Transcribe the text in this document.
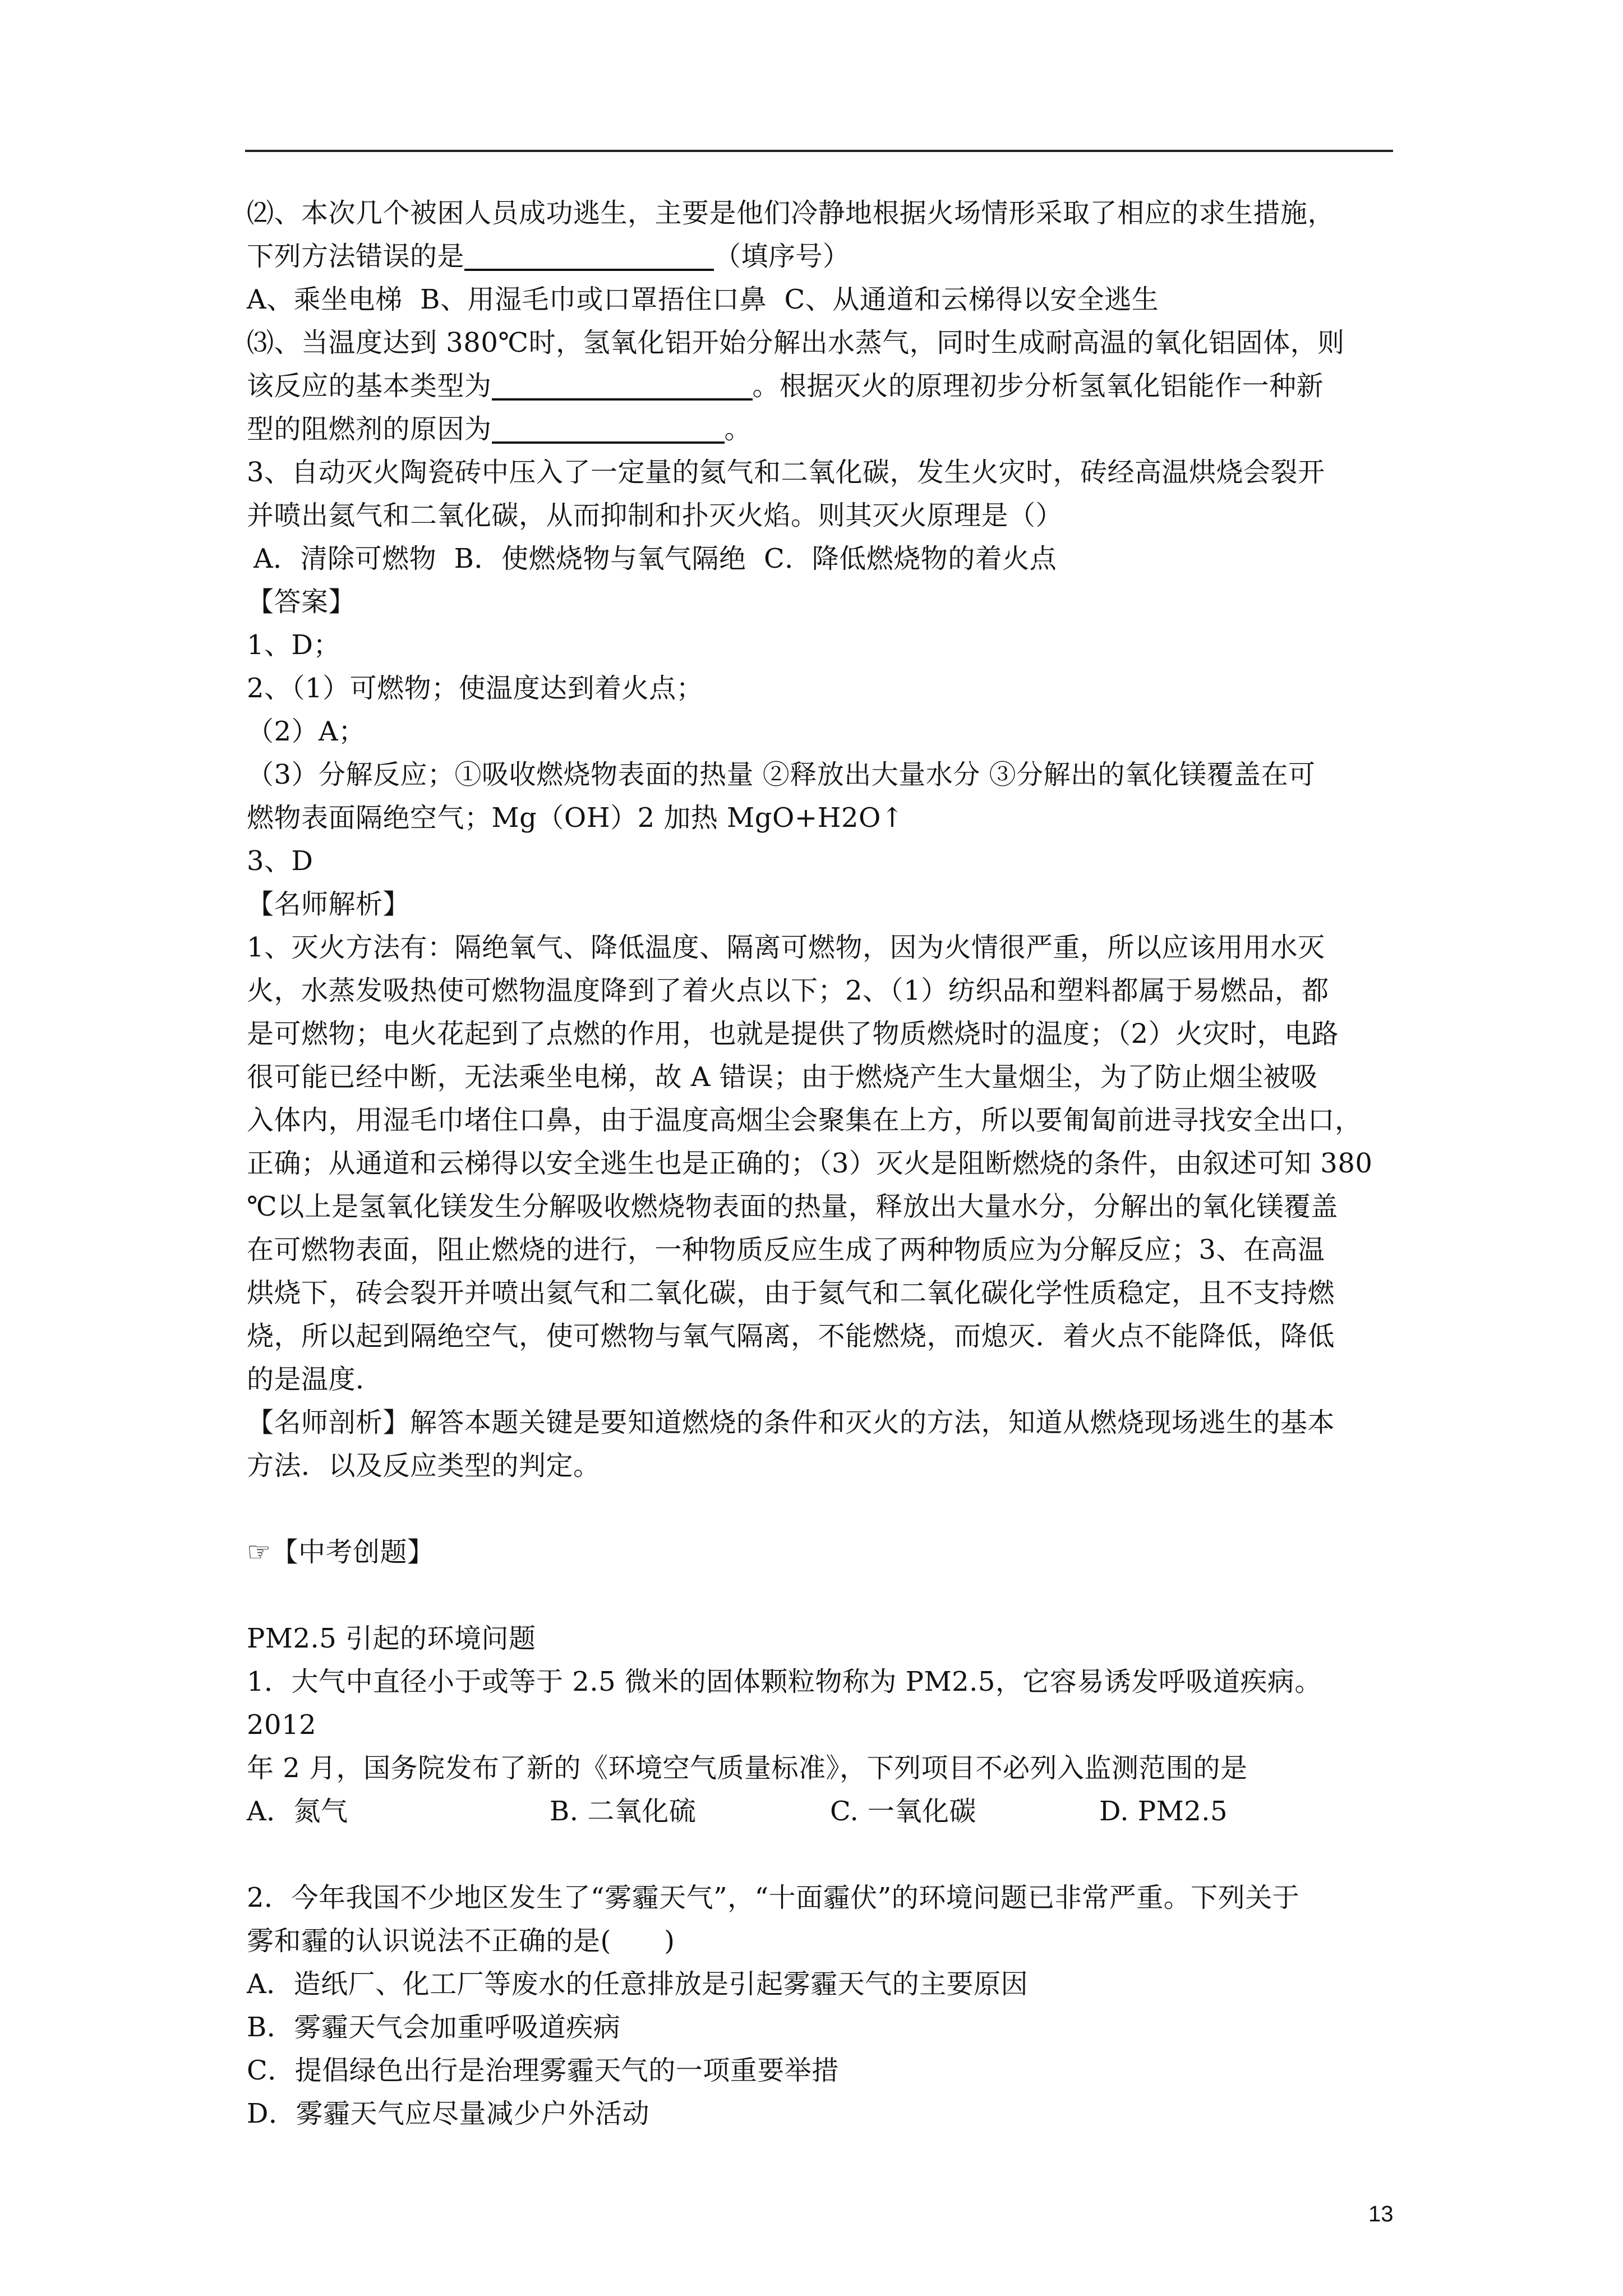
⑵、本次几个被困人员成功逃生，主要是他们冷静地根据火场情形采取了相应的求生措施，

下列方法错误的是	（填序号）

A、乘坐电梯  B、用湿毛巾或口罩捂住口鼻  C、从通道和云梯得以安全逃生

⑶、当温度达到 380℃时，氢氧化铝开始分解出水蒸气，同时生成耐高温的氧化铝固体，则

该反应的基本类型为	。根据灭火的原理初步分析氢氧化铝能作一种新

型的阻燃剂的原因为	。

3、自动灭火陶瓷砖中压入了一定量的氦气和二氧化碳，发生火灾时，砖经高温烘烧会裂开

并喷出氦气和二氧化碳，从而抑制和扑灭火焰。则其灭火原理是（）

A．清除可燃物  B．使燃烧物与氧气隔绝  C．降低燃烧物的着火点

【答案】

1、D；

2、（1）可燃物；使温度达到着火点；

（2）A；

（3）分解反应；①吸收燃烧物表面的热量 ②释放出大量水分 ③分解出的氧化镁覆盖在可

燃物表面隔绝空气；Mg（OH）2 加热 MgO+H2O↑

3、D

【名师解析】

1、灭火方法有：隔绝氧气、降低温度、隔离可燃物，因为火情很严重，所以应该用用水灭

火，水蒸发吸热使可燃物温度降到了着火点以下；2、（1）纺织品和塑料都属于易燃品，都

是可燃物；电火花起到了点燃的作用，也就是提供了物质燃烧时的温度；（2）火灾时，电路

很可能已经中断，无法乘坐电梯，故 A 错误；由于燃烧产生大量烟尘，为了防止烟尘被吸

入体内，用湿毛巾堵住口鼻，由于温度高烟尘会聚集在上方，所以要匍匐前进寻找安全出口，

正确；从通道和云梯得以安全逃生也是正确的；（3）灭火是阻断燃烧的条件，由叙述可知 380

℃以上是氢氧化镁发生分解吸收燃烧物表面的热量，释放出大量水分，分解出的氧化镁覆盖

在可燃物表面，阻止燃烧的进行，一种物质反应生成了两种物质应为分解反应；3、在高温

烘烧下，砖会裂开并喷出氦气和二氧化碳，由于氦气和二氧化碳化学性质稳定，且不支持燃

烧，所以起到隔绝空气，使可燃物与氧气隔离，不能燃烧，而熄灭．着火点不能降低，降低

的是温度．

【名师剖析】解答本题关键是要知道燃烧的条件和灭火的方法，知道从燃烧现场逃生的基本

方法．以及反应类型的判定。

☞【中考创题】

PM2.5 引起的环境问题

1．大气中直径小于或等于 2.5 微米的固体颗粒物称为 PM2.5，它容易诱发呼吸道疾病。2012

年 2 月，国务院发布了新的《环境空气质量标准》，下列项目不必列入监测范围的是

A．氮气	B. 二氧化硫	C. 一氧化碳	D. PM2.5

2．今年我国不少地区发生了“雾霾天气”，“十面霾伏”的环境问题已非常严重。下列关于

雾和霾的认识说法不正确的是(      )

A．造纸厂、化工厂等废水的任意排放是引起雾霾天气的主要原因

B．雾霾天气会加重呼吸道疾病

C．提倡绿色出行是治理雾霾天气的一项重要举措

D．雾霾天气应尽量减少户外活动

13
